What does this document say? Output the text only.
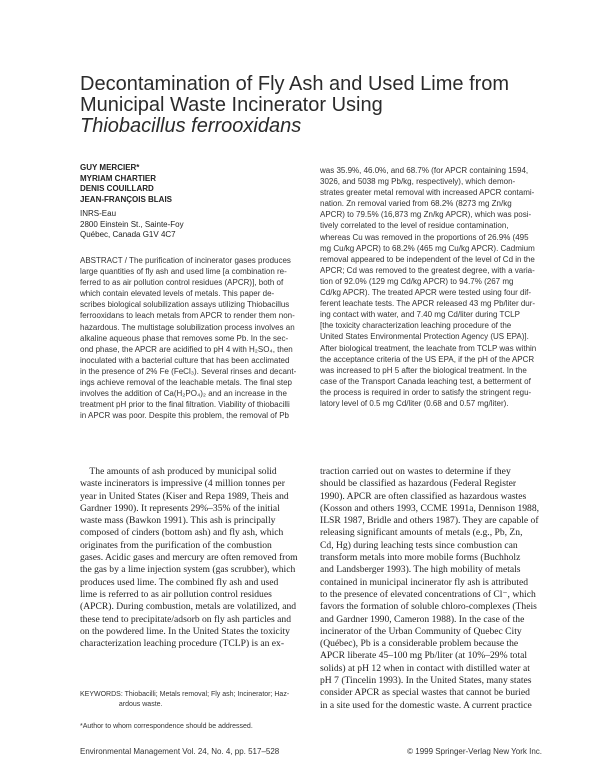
Decontamination of Fly Ash and Used Lime from
Municipal Waste Incinerator Using
Thiobacillus ferrooxidans
GUY MERCIER*
MYRIAM CHARTIER
DENIS COUILLARD
JEAN-FRANÇOIS BLAIS
INRS-Eau
2800 Einstein St., Sainte-Foy
Québec, Canada G1V 4C7
ABSTRACT / The purification of incinerator gases produces
large quantities of fly ash and used lime [a combination re-
ferred to as air pollution control residues (APCR)], both of
which contain elevated levels of metals. This paper de-
scribes biological solubilization assays utilizing Thiobacillus
ferrooxidans to leach metals from APCR to render them non-
hazardous. The multistage solubilization process involves an
alkaline aqueous phase that removes some Pb. In the sec-
ond phase, the APCR are acidified to pH 4 with H₂SO₄, then
inoculated with a bacterial culture that has been acclimated
in the presence of 2% Fe (FeCl₃). Several rinses and decant-
ings achieve removal of the leachable metals. The final step
involves the addition of Ca(H₂PO₄)₂ and an increase in the
treatment pH prior to the final filtration. Viability of thiobacilli
in APCR was poor. Despite this problem, the removal of Pb
was 35.9%, 46.0%, and 68.7% (for APCR containing 1594,
3026, and 5038 mg Pb/kg, respectively), which demon-
strates greater metal removal with increased APCR contami-
nation. Zn removal varied from 68.2% (8273 mg Zn/kg
APCR) to 79.5% (16,873 mg Zn/kg APCR), which was posi-
tively correlated to the level of residue contamination,
whereas Cu was removed in the proportions of 26.9% (495
mg Cu/kg APCR) to 68.2% (465 mg Cu/kg APCR). Cadmium
removal appeared to be independent of the level of Cd in the
APCR; Cd was removed to the greatest degree, with a varia-
tion of 92.0% (129 mg Cd/kg APCR) to 94.7% (267 mg
Cd/kg APCR). The treated APCR were tested using four dif-
ferent leachate tests. The APCR released 43 mg Pb/liter dur-
ing contact with water, and 7.40 mg Cd/liter during TCLP
[the toxicity characterization leaching procedure of the
United States Environmental Protection Agency (US EPA)].
After biological treatment, the leachate from TCLP was within
the acceptance criteria of the US EPA, if the pH of the APCR
was increased to pH 5 after the biological treatment. In the
case of the Transport Canada leaching test, a betterment of
the process is required in order to satisfy the stringent regu-
latory level of 0.5 mg Cd/liter (0.68 and 0.57 mg/liter).
The amounts of ash produced by municipal solid
waste incinerators is impressive (4 million tonnes per
year in United States (Kiser and Repa 1989, Theis and
Gardner 1990). It represents 29%–35% of the initial
waste mass (Bawkon 1991). This ash is principally
composed of cinders (bottom ash) and fly ash, which
originates from the purification of the combustion
gases. Acidic gases and mercury are often removed from
the gas by a lime injection system (gas scrubber), which
produces used lime. The combined fly ash and used
lime is referred to as air pollution control residues
(APCR). During combustion, metals are volatilized, and
these tend to precipitate/adsorb on fly ash particles and
on the powdered lime. In the United States the toxicity
characterization leaching procedure (TCLP) is an ex-
traction carried out on wastes to determine if they
should be classified as hazardous (Federal Register
1990). APCR are often classified as hazardous wastes
(Kosson and others 1993, CCME 1991a, Dennison 1988,
ILSR 1987, Bridle and others 1987). They are capable of
releasing significant amounts of metals (e.g., Pb, Zn,
Cd, Hg) during leaching tests since combustion can
transform metals into more mobile forms (Buchholz
and Landsberger 1993). The high mobility of metals
contained in municipal incinerator fly ash is attributed
to the presence of elevated concentrations of Cl⁻, which
favors the formation of soluble chloro-complexes (Theis
and Gardner 1990, Cameron 1988). In the case of the
incinerator of the Urban Community of Quebec City
(Québec), Pb is a considerable problem because the
APCR liberate 45–100 mg Pb/liter (at 10%–29% total
solids) at pH 12 when in contact with distilled water at
pH 7 (Tincelin 1993). In the United States, many states
consider APCR as special wastes that cannot be buried
in a site used for the domestic waste. A current practice
KEYWORDS: Thiobacilli; Metals removal; Fly ash; Incinerator; Haz-
ardous waste.
*Author to whom correspondence should be addressed.
Environmental Management Vol. 24, No. 4, pp. 517–528	© 1999 Springer-Verlag New York Inc.
